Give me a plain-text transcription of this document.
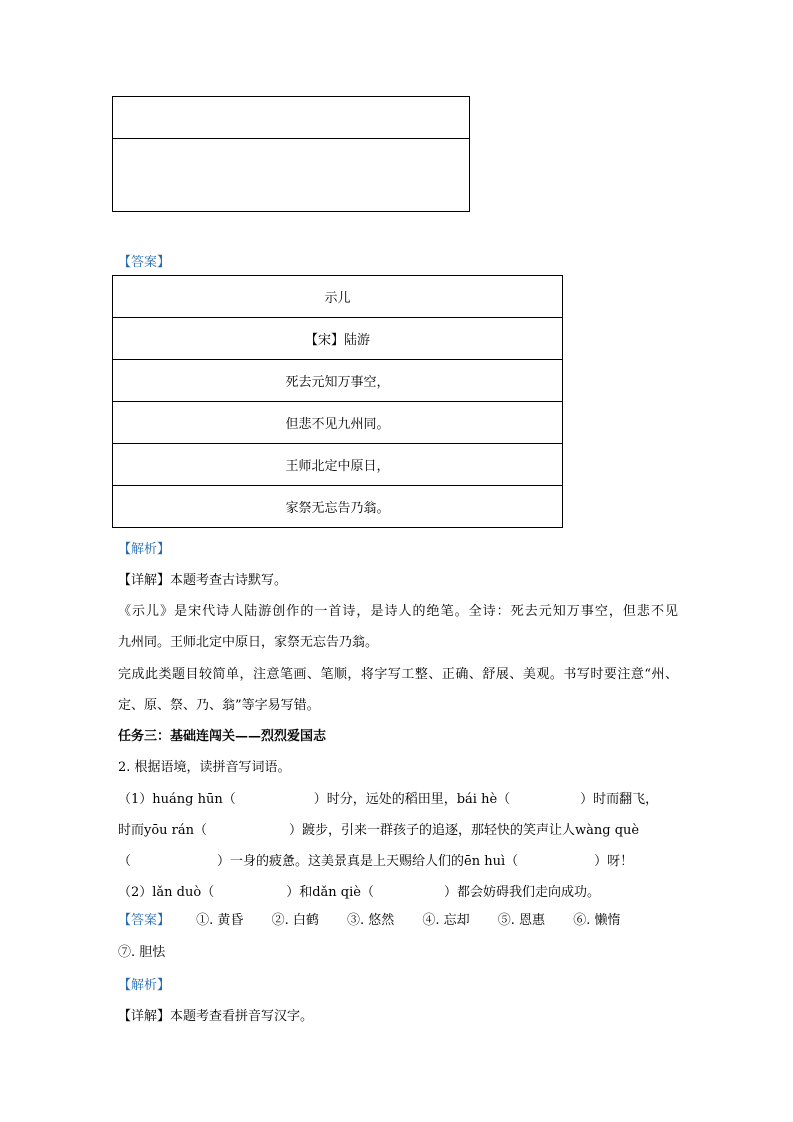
【答案】
示儿
【宋】陆游
死去元知万事空，
但悲不见九州同。
王师北定中原日，
家祭无忘告乃翁。
【解析】
【详解】本题考查古诗默写。
《示儿》是宋代诗人陆游创作的一首诗，是诗人的绝笔。全诗：死去元知万事空，但悲不见
九州同。王师北定中原日，家祭无忘告乃翁。
完成此类题目较简单，注意笔画、笔顺，将字写工整、正确、舒展、美观。书写时要注意“州、
定、原、祭、乃、翁”等字易写错。
任务三：基础连闯关——烈烈爱国志
2. 根据语境，读拼音写词语。
（1）huáng hūn（	）时分，远处的稻田里，bái hè（	）时而翻飞，
时而yōu rán（	）踱步，引来一群孩子的追逐，那轻快的笑声让人wàng què
（	）一身的疲惫。这美景真是上天赐给人们的ēn huì（	）呀！
（2）lǎn duò（	）和dǎn qiè（	）都会妨碍我们走向成功。
【答案】 ①. 黄昏 ②. 白鹤 ③. 悠然 ④. 忘却 ⑤. 恩惠 ⑥. 懒惰
⑦. 胆怯
【解析】
【详解】本题考查看拼音写汉字。
